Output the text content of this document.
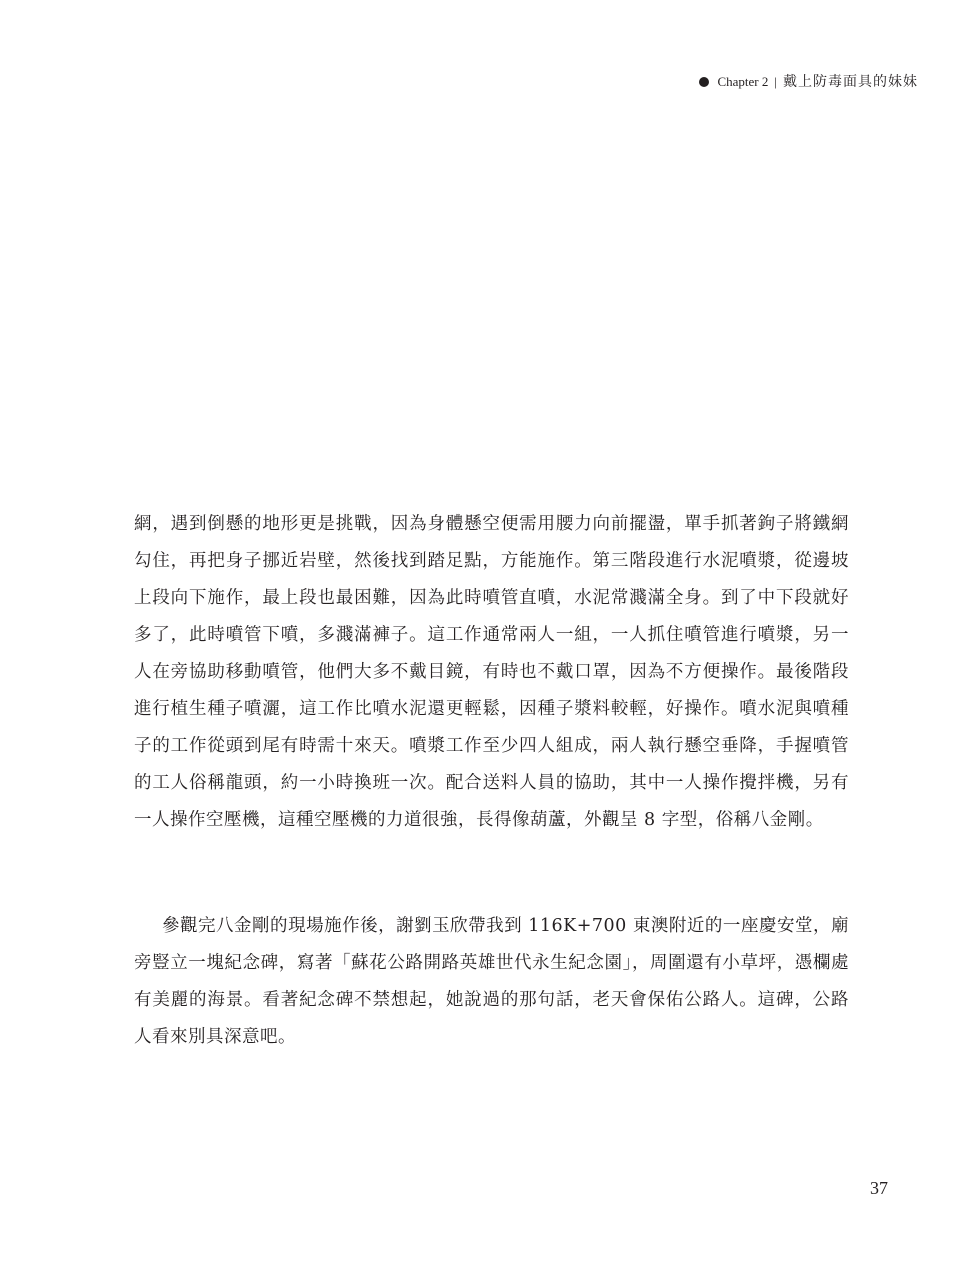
Chapter 2 | 戴上防毒面具的妹妹

網，遇到倒懸的地形更是挑戰，因為身體懸空便需用腰力向前擺盪，單手抓著鉤子將鐵網勾住，再把身子挪近岩壁，然後找到踏足點，方能施作。第三階段進行水泥噴漿，從邊坡上段向下施作，最上段也最困難，因為此時噴管直噴，水泥常濺滿全身。到了中下段就好多了，此時噴管下噴，多濺滿褲子。這工作通常兩人一組，一人抓住噴管進行噴漿，另一人在旁協助移動噴管，他們大多不戴目鏡，有時也不戴口罩，因為不方便操作。最後階段進行植生種子噴灑，這工作比噴水泥還更輕鬆，因種子漿料較輕，好操作。噴水泥與噴種子的工作從頭到尾有時需十來天。噴漿工作至少四人組成，兩人執行懸空垂降，手握噴管的工人俗稱龍頭，約一小時換班一次。配合送料人員的協助，其中一人操作攪拌機，另有一人操作空壓機，這種空壓機的力道很強，長得像葫蘆，外觀呈 8 字型，俗稱八金剛。

參觀完八金剛的現場施作後，謝劉玉欣帶我到 116K+700 東澳附近的一座慶安堂，廟旁豎立一塊紀念碑，寫著「蘇花公路開路英雄世代永生紀念園」，周圍還有小草坪，憑欄處有美麗的海景。看著紀念碑不禁想起，她說過的那句話，老天會保佑公路人。這碑，公路人看來別具深意吧。

37
